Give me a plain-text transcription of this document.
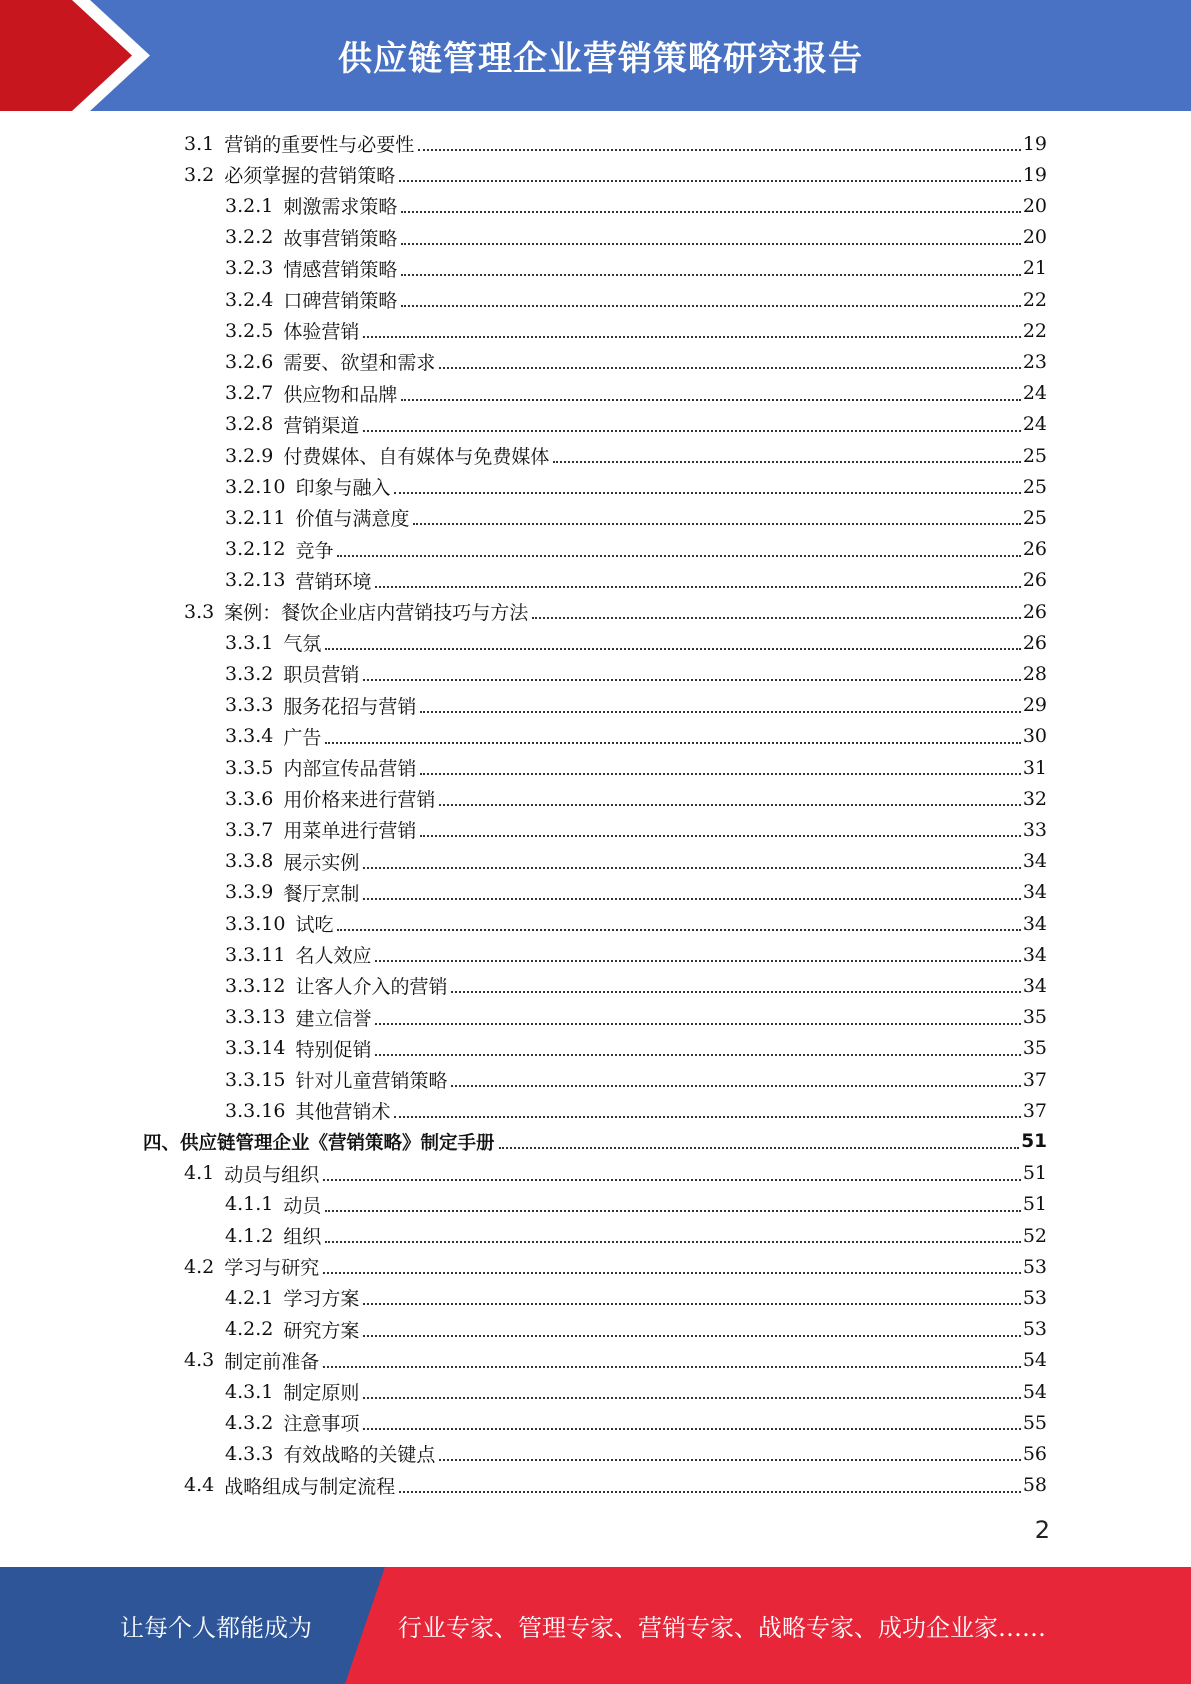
供应链管理企业营销策略研究报告
3.1 营销的重要性与必要性	19
3.2 必须掌握的营销策略	19
3.2.1 刺激需求策略	20
3.2.2 故事营销策略	20
3.2.3 情感营销策略	21
3.2.4 口碑营销策略	22
3.2.5 体验营销	22
3.2.6 需要、欲望和需求	23
3.2.7 供应物和品牌	24
3.2.8 营销渠道	24
3.2.9 付费媒体、自有媒体与免费媒体	25
3.2.10 印象与融入	25
3.2.11 价值与满意度	25
3.2.12 竞争	26
3.2.13 营销环境	26
3.3 案例：餐饮企业店内营销技巧与方法	26
3.3.1 气氛	26
3.3.2 职员营销	28
3.3.3 服务花招与营销	29
3.3.4 广告	30
3.3.5 内部宣传品营销	31
3.3.6 用价格来进行营销	32
3.3.7 用菜单进行营销	33
3.3.8 展示实例	34
3.3.9 餐厅烹制	34
3.3.10 试吃	34
3.3.11 名人效应	34
3.3.12 让客人介入的营销	34
3.3.13 建立信誉	35
3.3.14 特别促销	35
3.3.15 针对儿童营销策略	37
3.3.16 其他营销术	37
四、供应链管理企业《营销策略》制定手册	51
4.1 动员与组织	51
4.1.1 动员	51
4.1.2 组织	52
4.2 学习与研究	53
4.2.1 学习方案	53
4.2.2 研究方案	53
4.3 制定前准备	54
4.3.1 制定原则	54
4.3.2 注意事项	55
4.3.3 有效战略的关键点	56
4.4 战略组成与制定流程	58
2
让每个人都能成为	行业专家、管理专家、营销专家、战略专家、成功企业家……
